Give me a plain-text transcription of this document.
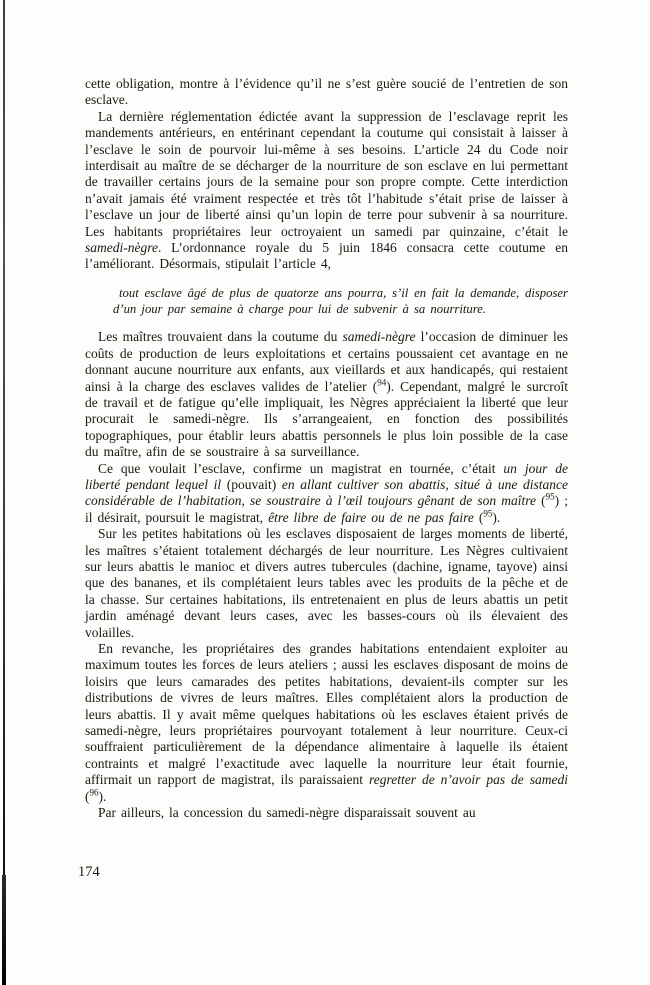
cette obligation, montre à l’évidence qu’il ne s’est guère soucié de l’entretien de son esclave.

La dernière réglementation édictée avant la suppression de l’esclavage reprit les mandements antérieurs, en entérinant cependant la coutume qui consistait à laisser à l’esclave le soin de pourvoir lui-même à ses besoins. L’article 24 du Code noir interdisait au maître de se décharger de la nourriture de son esclave en lui permettant de travailler certains jours de la semaine pour son propre compte. Cette interdiction n’avait jamais été vraiment respectée et très tôt l’habitude s’était prise de laisser à l’esclave un jour de liberté ainsi qu’un lopin de terre pour subvenir à sa nourriture. Les habitants propriétaires leur octroyaient un samedi par quinzaine, c’était le samedi-nègre. L’ordonnance royale du 5 juin 1846 consacra cette coutume en l’améliorant. Désormais, stipulait l’article 4,

tout esclave âgé de plus de quatorze ans pourra, s’il en fait la demande, disposer d’un jour par semaine à charge pour lui de subvenir à sa nourriture.

Les maîtres trouvaient dans la coutume du samedi-nègre l’occasion de diminuer les coûts de production de leurs exploitations et certains poussaient cet avantage en ne donnant aucune nourriture aux enfants, aux vieillards et aux handicapés, qui restaient ainsi à la charge des esclaves valides de l’atelier ($^{94}$). Cependant, malgré le surcroît de travail et de fatigue qu’elle impliquait, les Nègres appréciaient la liberté que leur procurait le samedi-nègre. Ils s’arrangeaient, en fonction des possibilités topographiques, pour établir leurs abattis personnels le plus loin possible de la case du maître, afin de se soustraire à sa surveillance.

Ce que voulait l’esclave, confirme un magistrat en tournée, c’était un jour de liberté pendant lequel il (pouvait) en allant cultiver son abattis, situé à une distance considérable de l’habitation, se soustraire à l’œil toujours gênant de son maître ($^{95}$) ; il désirait, poursuit le magistrat, être libre de faire ou de ne pas faire ($^{95}$).

Sur les petites habitations où les esclaves disposaient de larges moments de liberté, les maîtres s’étaient totalement déchargés de leur nourriture. Les Nègres cultivaient sur leurs abattis le manioc et divers autres tubercules (dachine, igname, tayove) ainsi que des bananes, et ils complétaient leurs tables avec les produits de la pêche et de la chasse. Sur certaines habitations, ils entretenaient en plus de leurs abattis un petit jardin aménagé devant leurs cases, avec les basses-cours où ils élevaient des volailles.

En revanche, les propriétaires des grandes habitations entendaient exploiter au maximum toutes les forces de leurs ateliers ; aussi les esclaves disposant de moins de loisirs que leurs camarades des petites habitations, devaient-ils compter sur les distributions de vivres de leurs maîtres. Elles complétaient alors la production de leurs abattis. Il y avait même quelques habitations où les esclaves étaient privés de samedi-nègre, leurs propriétaires pourvoyant totalement à leur nourriture. Ceux-ci souffraient particulièrement de la dépendance alimentaire à laquelle ils étaient contraints et malgré l’exactitude avec laquelle la nourriture leur était fournie, affirmait un rapport de magistrat, ils paraissaient regretter de n’avoir pas de samedi ($^{96}$).

Par ailleurs, la concession du samedi-nègre disparaissait souvent au

174
